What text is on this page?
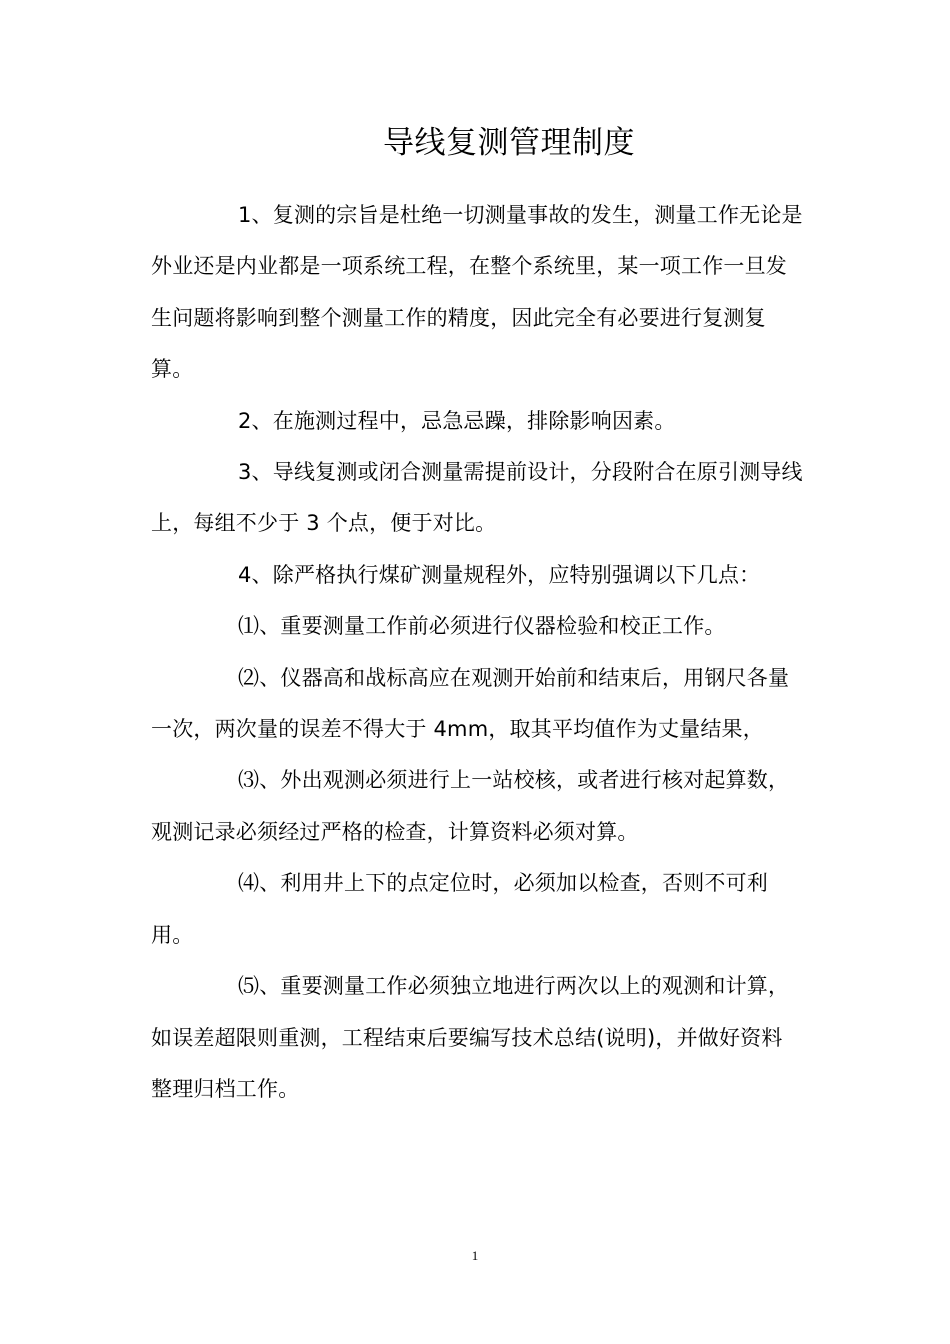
导线复测管理制度

1、复测的宗旨是杜绝一切测量事故的发生，测量工作无论是外业还是内业都是一项系统工程，在整个系统里，某一项工作一旦发生问题将影响到整个测量工作的精度，因此完全有必要进行复测复算。

2、在施测过程中，忌急忌躁，排除影响因素。

3、导线复测或闭合测量需提前设计，分段附合在原引测导线上，每组不少于 3 个点，便于对比。

4、除严格执行煤矿测量规程外，应特别强调以下几点：

⑴、重要测量工作前必须进行仪器检验和校正工作。

⑵、仪器高和战标高应在观测开始前和结束后，用钢尺各量一次，两次量的误差不得大于 4mm，取其平均值作为丈量结果，

⑶、外出观测必须进行上一站校核，或者进行核对起算数，观测记录必须经过严格的检查，计算资料必须对算。

⑷、利用井上下的点定位时，必须加以检查，否则不可利用。

⑸、重要测量工作必须独立地进行两次以上的观测和计算，如误差超限则重测，工程结束后要编写技术总结(说明)，并做好资料整理归档工作。

1
